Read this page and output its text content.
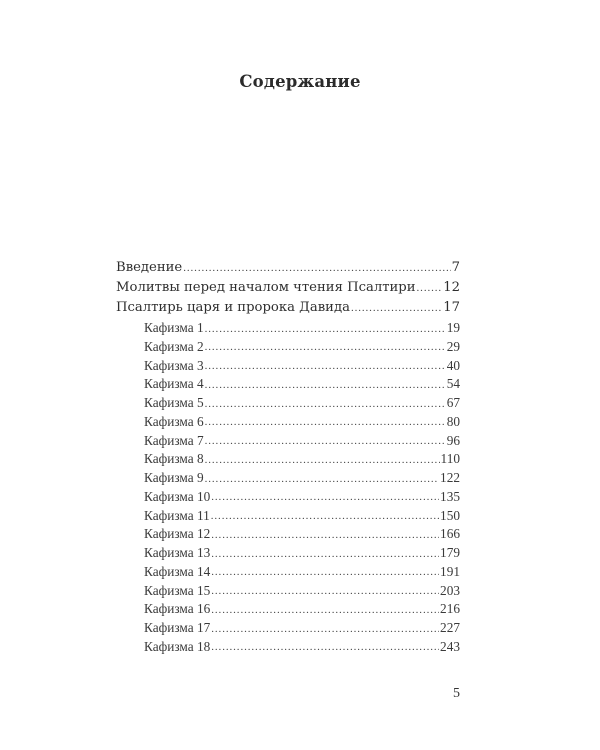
Содержание
Введение .....	7
Молитвы перед началом чтения Псалтири ..... 12
Псалтирь царя и пророка Давида .....	17
Кафизма 1 .....	19
Кафизма 2 .....	29
Кафизма 3 .....	40
Кафизма 4 .....	54
Кафизма 5 .....	67
Кафизма 6 .....	80
Кафизма 7 .....	96
Кафизма 8 .....	110
Кафизма 9 .....	122
Кафизма 10 .....	135
Кафизма 11 .....	150
Кафизма 12 .....	166
Кафизма 13 .....	179
Кафизма 14 .....	191
Кафизма 15 .....	203
Кафизма 16 .....	216
Кафизма 17 .....	227
Кафизма 18 .....	243
5
